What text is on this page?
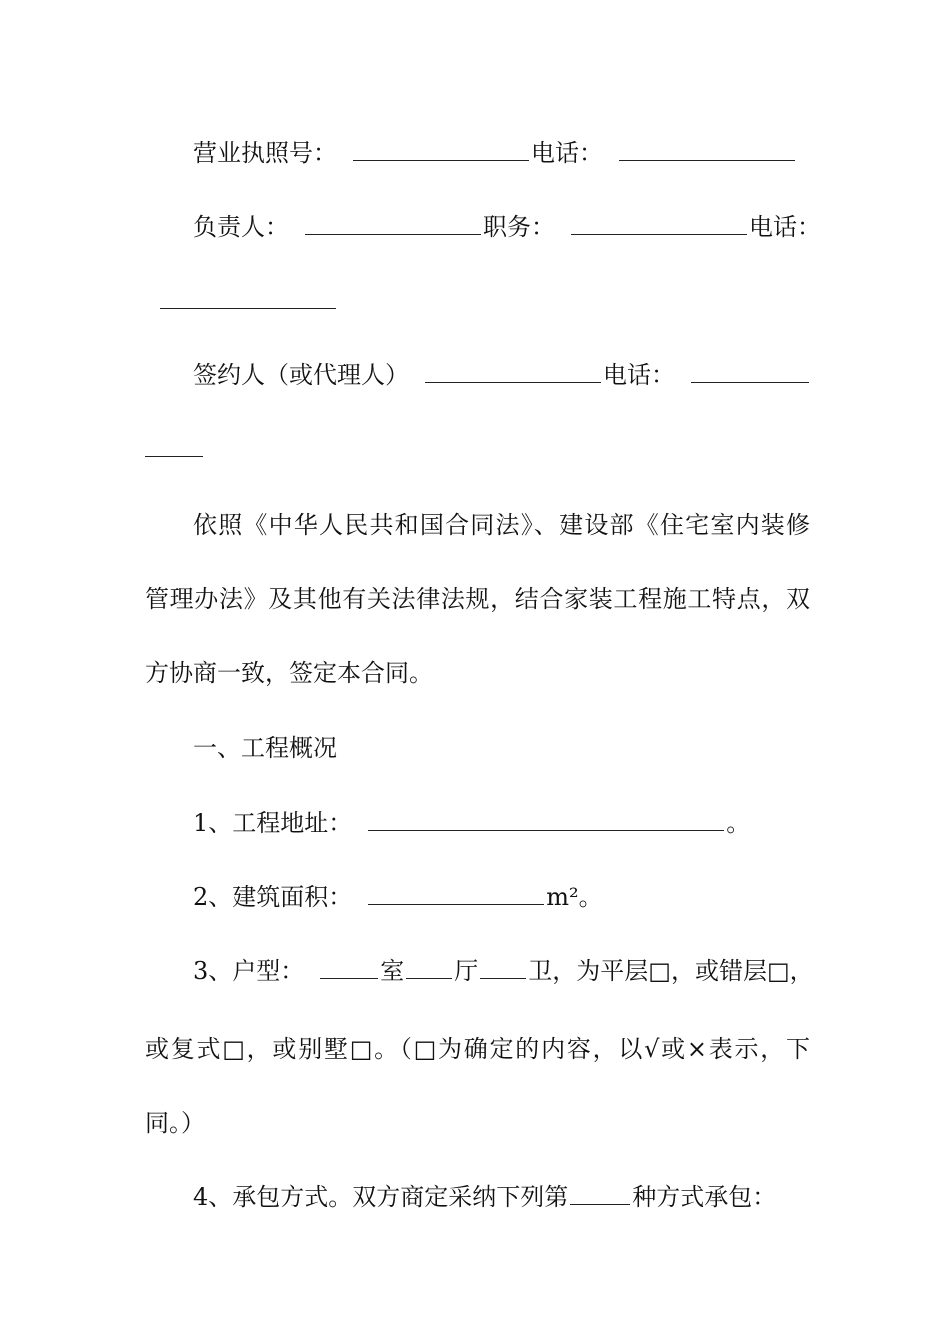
营业执照号：	电话：
负责人：	职务：	电话：
签约人（或代理人）	电话：
依照《中华人民共和国合同法》、建设部《住宅室内装修
管理办法》及其他有关法律法规，结合家装工程施工特点，双
方协商一致，签定本合同。
一、工程概况
1、工程地址：	。
2、建筑面积：	m²。
3、户型：	室 厅 卫，为平层□，或错层□，
或复式□，或别墅□。（□为确定的内容，以√或×表示，下
同。）
4、承包方式。双方商定采纳下列第	种方式承包：
